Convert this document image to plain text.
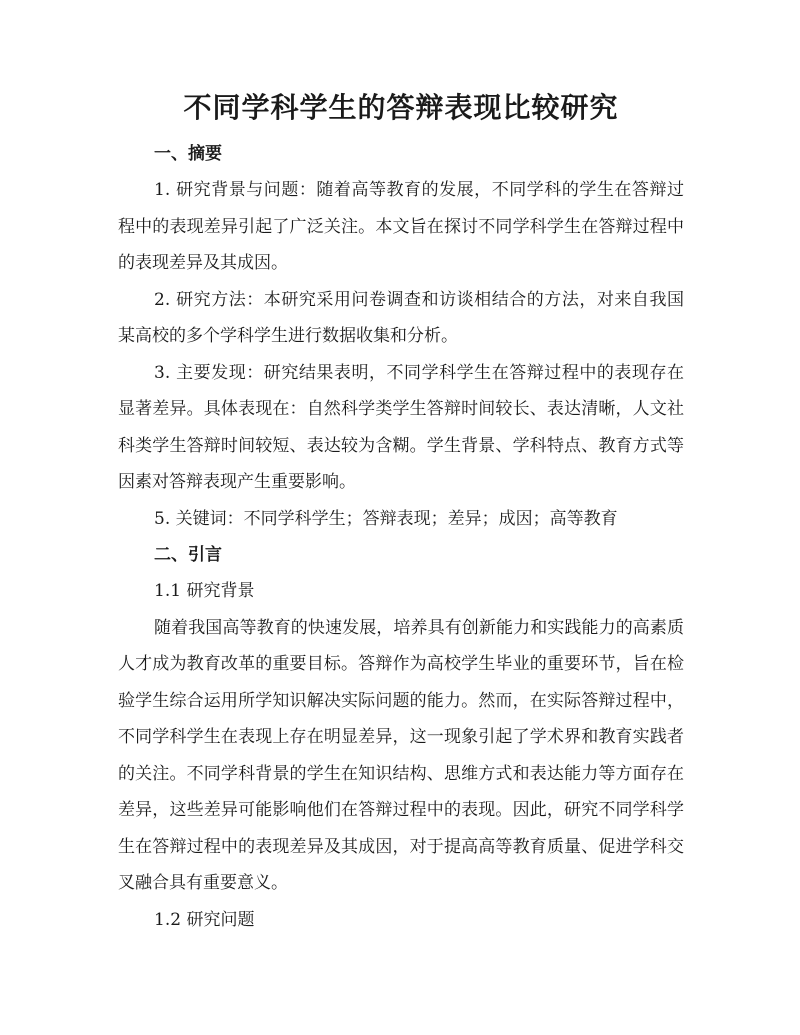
不同学科学生的答辩表现比较研究
一、摘要

1. 研究背景与问题：随着高等教育的发展，不同学科的学生在答辩过程中的表现差异引起了广泛关注。本文旨在探讨不同学科学生在答辩过程中的表现差异及其成因。

2. 研究方法：本研究采用问卷调查和访谈相结合的方法，对来自我国某高校的多个学科学生进行数据收集和分析。

3. 主要发现：研究结果表明，不同学科学生在答辩过程中的表现存在显著差异。具体表现在：自然科学类学生答辩时间较长、表达清晰，人文社科类学生答辩时间较短、表达较为含糊。学生背景、学科特点、教育方式等因素对答辩表现产生重要影响。

5. 关键词：不同学科学生；答辩表现；差异；成因；高等教育

二、引言
1.1 研究背景

随着我国高等教育的快速发展，培养具有创新能力和实践能力的高素质人才成为教育改革的重要目标。答辩作为高校学生毕业的重要环节，旨在检验学生综合运用所学知识解决实际问题的能力。然而，在实际答辩过程中，不同学科学生在表现上存在明显差异，这一现象引起了学术界和教育实践者的关注。不同学科背景的学生在知识结构、思维方式和表达能力等方面存在差异，这些差异可能影响他们在答辩过程中的表现。因此，研究不同学科学生在答辩过程中的表现差异及其成因，对于提高高等教育质量、促进学科交叉融合具有重要意义。

1.2 研究问题
